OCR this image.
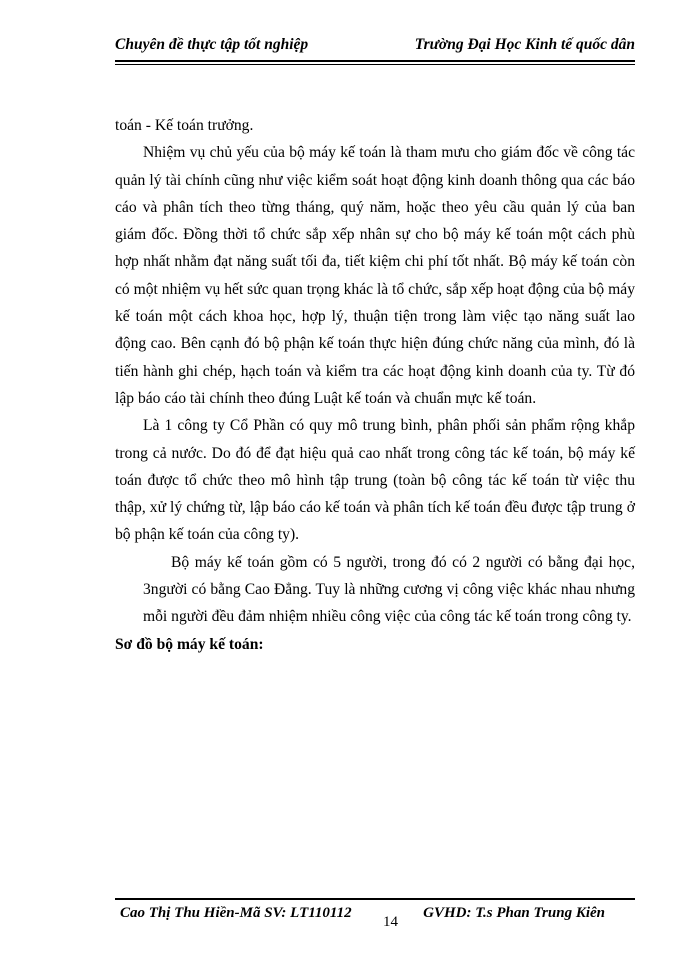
Chuyên đề thực tập tốt nghiệp	Trường Đại Học Kinh tế quốc dân

toán - Kế toán trưởng.

Nhiệm vụ chủ yếu của bộ máy kế toán là tham mưu cho giám đốc về công tác quản lý tài chính cũng như việc kiểm soát hoạt động kinh doanh thông qua các báo cáo và phân tích theo từng tháng, quý năm, hoặc theo yêu cầu quản lý của ban giám đốc. Đồng thời tổ chức sắp xếp nhân sự cho bộ máy kế toán một cách phù hợp nhất nhằm đạt năng suất tối đa, tiết kiệm chi phí tốt nhất. Bộ máy kế toán còn có một nhiệm vụ hết sức quan trọng khác là tổ chức, sắp xếp hoạt động của bộ máy kế toán một cách khoa học, hợp lý, thuận tiện trong làm việc tạo năng suất lao động cao. Bên cạnh đó bộ phận kế toán thực hiện đúng chức năng của mình, đó là tiến hành ghi chép, hạch toán và kiểm tra các hoạt động kinh doanh của ty. Từ đó lập báo cáo tài chính theo đúng Luật kế toán và chuẩn mực kế toán.

Là 1 công ty Cổ Phần có quy mô trung bình, phân phối sản phẩm rộng khắp trong cả nước. Do đó để đạt hiệu quả cao nhất trong công tác kế toán, bộ máy kế toán được tổ chức theo mô hình tập trung (toàn bộ công tác kế toán từ việc thu thập, xử lý chứng từ, lập báo cáo kế toán và phân tích kế toán đều được tập trung ở bộ phận kế toán của công ty).

Bộ máy kế toán gồm có 5 người, trong đó có 2 người có bằng đại học, 3người có bằng Cao Đẳng. Tuy là những cương vị công việc khác nhau nhưng mỗi người đều đảm nhiệm nhiều công việc của công tác kế toán trong công ty.

Sơ đồ bộ máy kế toán:

Cao Thị Thu Hiền-Mã SV: LT110112
14
GVHD: T.s Phan Trung Kiên
